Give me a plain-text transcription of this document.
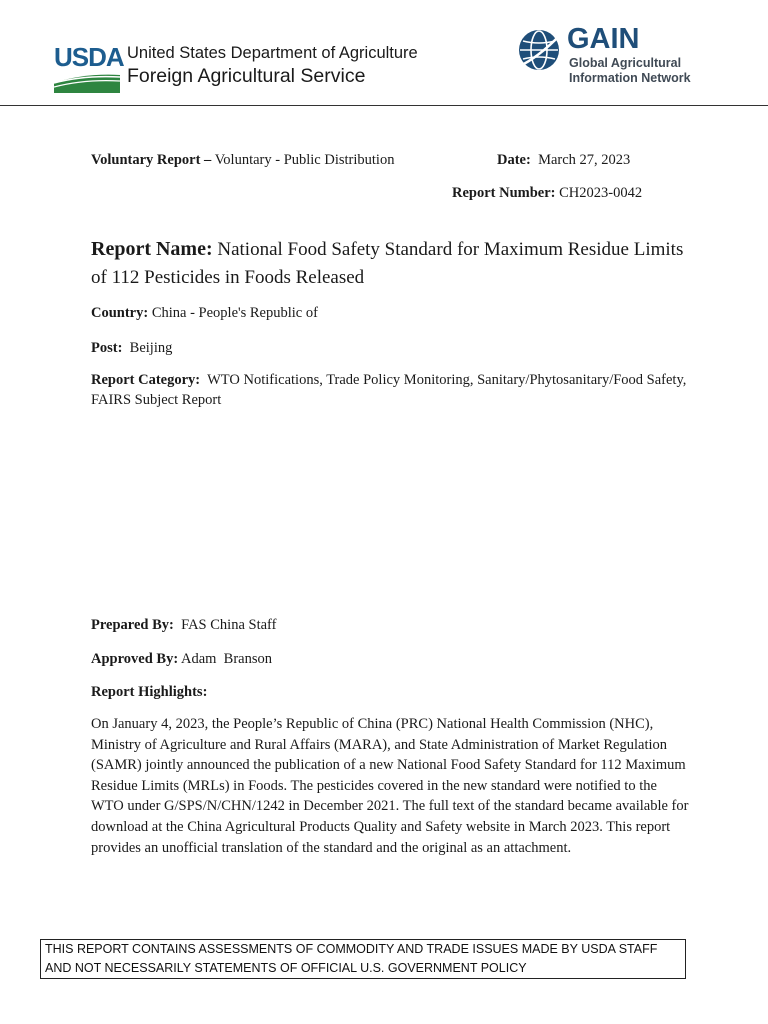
USDA United States Department of Agriculture
Foreign Agricultural Service
GAIN
Global Agricultural
Information Network
Voluntary Report – Voluntary - Public Distribution	Date: March 27, 2023
Report Number: CH2023-0042
Report Name: National Food Safety Standard for Maximum Residue Limits of 112 Pesticides in Foods Released
Country: China - People's Republic of
Post: Beijing
Report Category: WTO Notifications, Trade Policy Monitoring, Sanitary/Phytosanitary/Food Safety, FAIRS Subject Report
Prepared By: FAS China Staff
Approved By: Adam  Branson
Report Highlights:
On January 4, 2023, the People’s Republic of China (PRC) National Health Commission (NHC), Ministry of Agriculture and Rural Affairs (MARA), and State Administration of Market Regulation (SAMR) jointly announced the publication of a new National Food Safety Standard for 112 Maximum Residue Limits (MRLs) in Foods. The pesticides covered in the new standard were notified to the WTO under G/SPS/N/CHN/1242 in December 2021. The full text of the standard became available for download at the China Agricultural Products Quality and Safety website in March 2023. This report provides an unofficial translation of the standard and the original as an attachment.
THIS REPORT CONTAINS ASSESSMENTS OF COMMODITY AND TRADE ISSUES MADE BY USDA STAFF
AND NOT NECESSARILY STATEMENTS OF OFFICIAL U.S. GOVERNMENT POLICY
